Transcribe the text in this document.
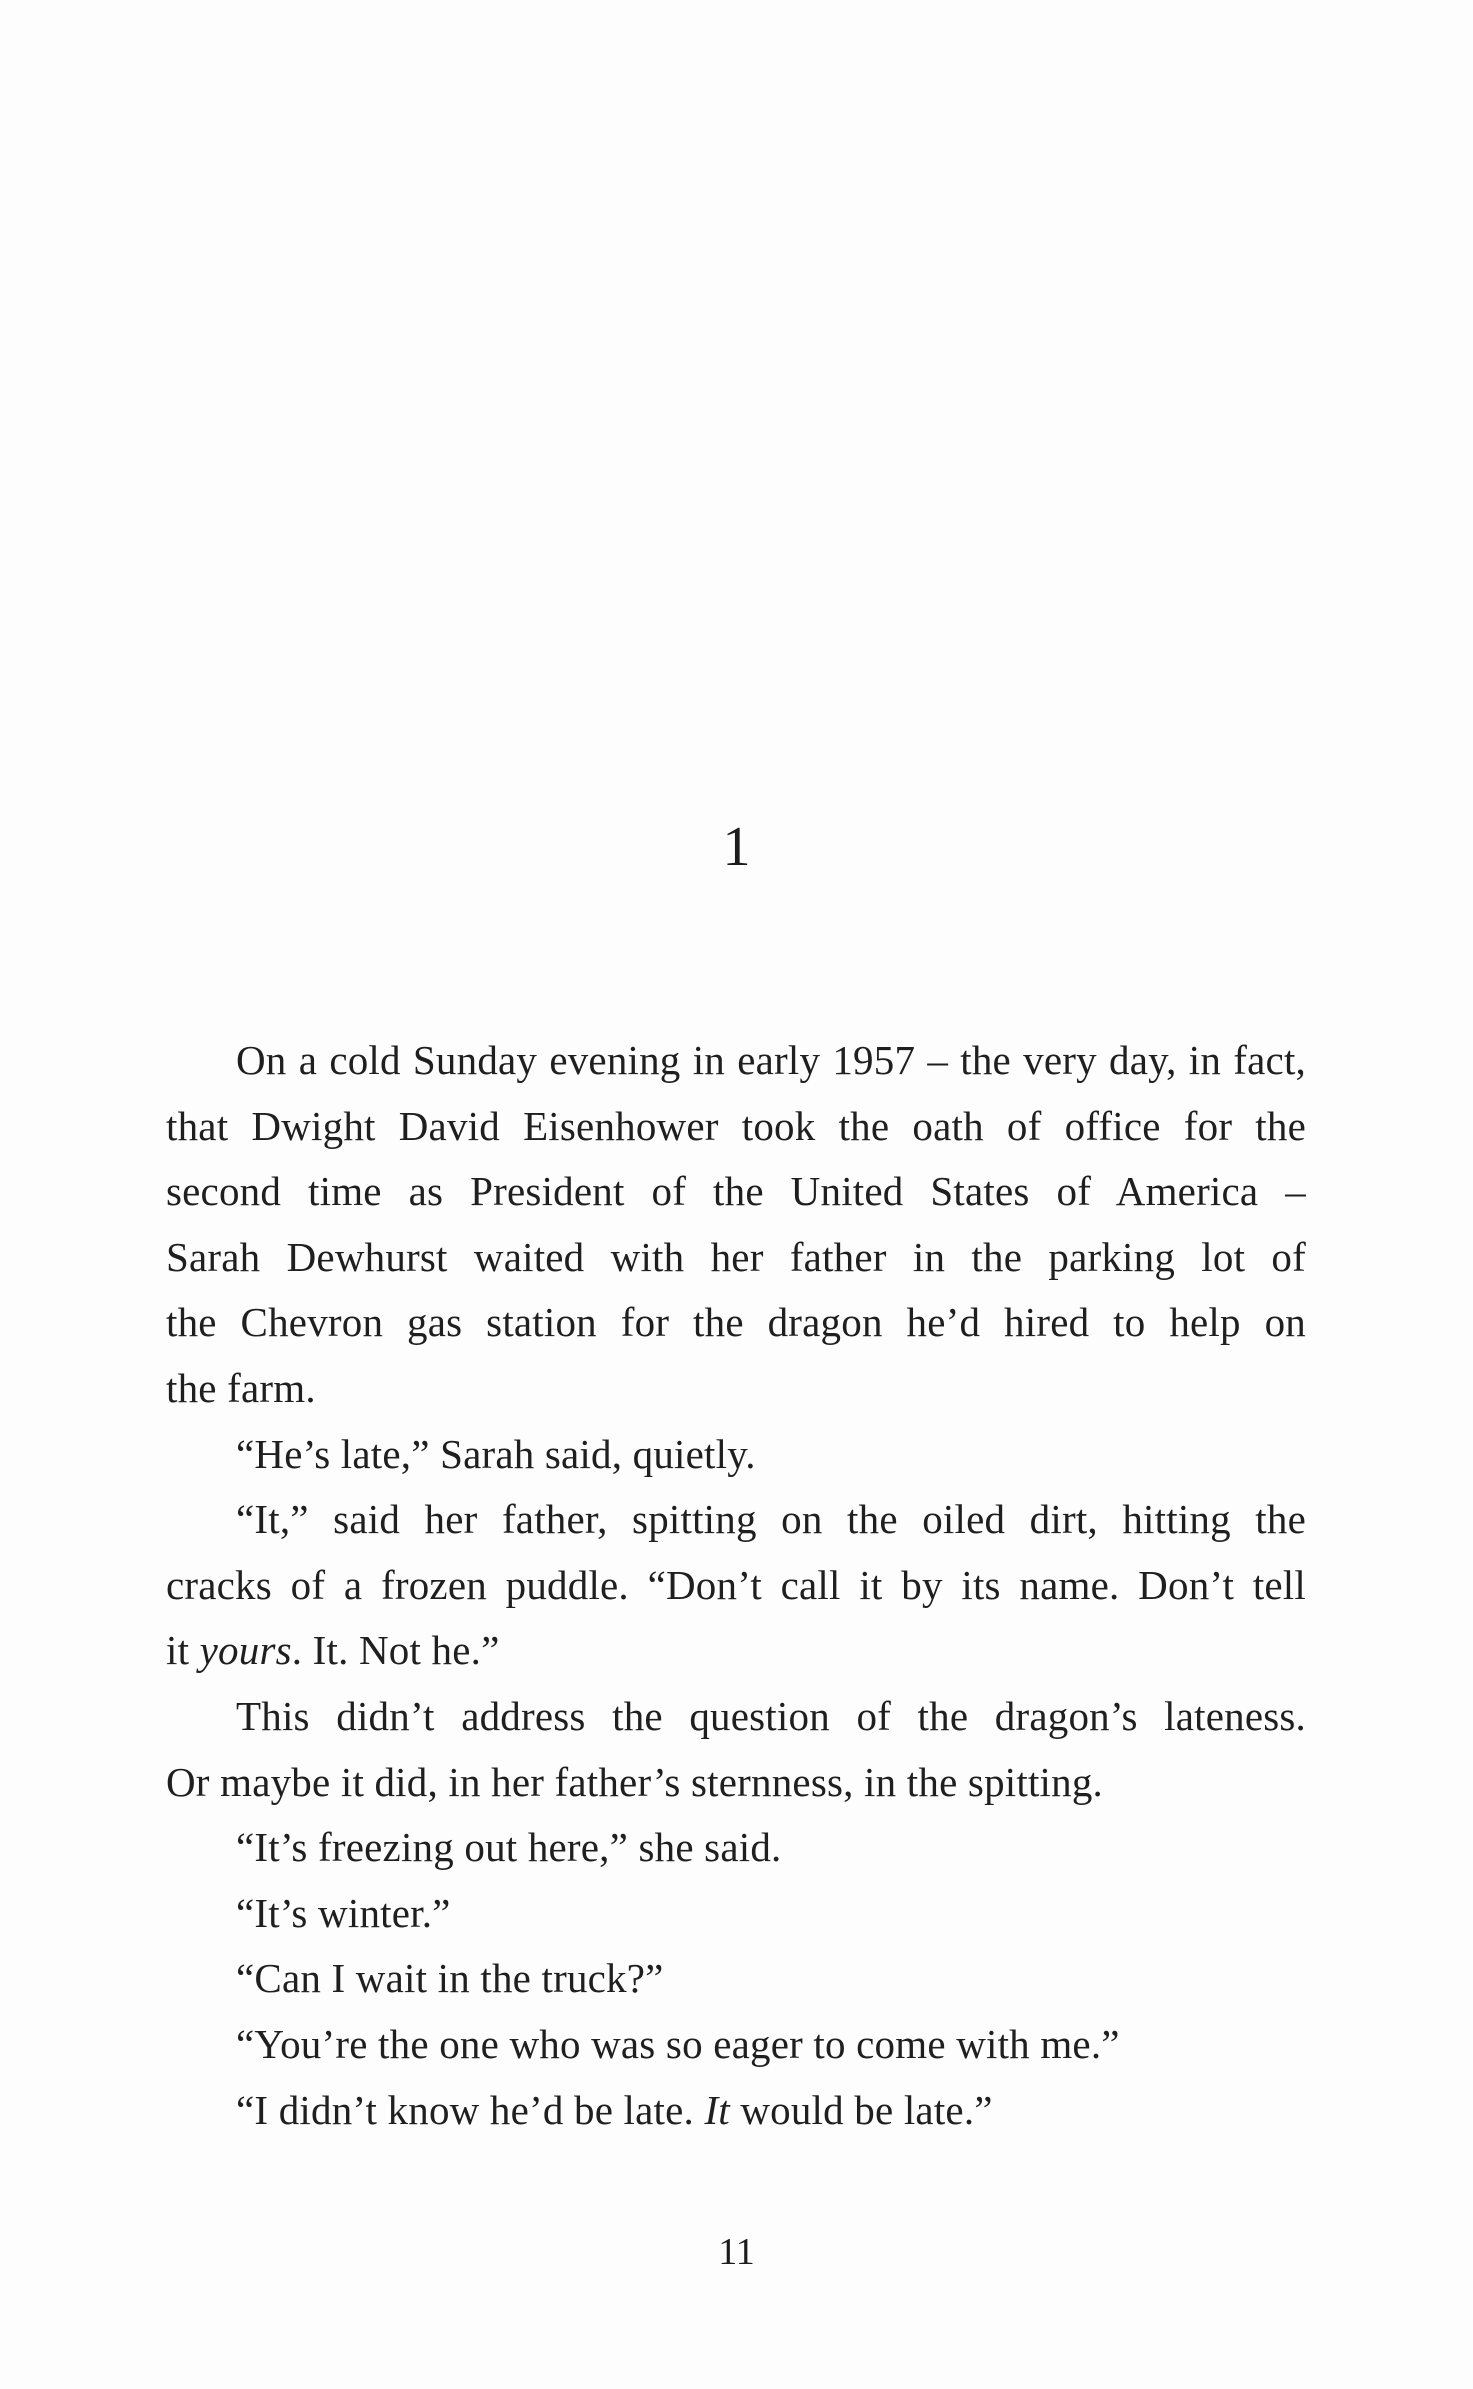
1
On a cold Sunday evening in early 1957 – the very day, in fact,
that Dwight David Eisenhower took the oath of office for the
second time as President of the United States of America –
Sarah Dewhurst waited with her father in the parking lot of
the Chevron gas station for the dragon he’d hired to help on
the farm.
“He’s late,” Sarah said, quietly.
“It,” said her father, spitting on the oiled dirt, hitting the
cracks of a frozen puddle. “Don’t call it by its name. Don’t tell
it yours. It. Not he.”
This didn’t address the question of the dragon’s lateness.
Or maybe it did, in her father’s sternness, in the spitting.
“It’s freezing out here,” she said.
“It’s winter.”
“Can I wait in the truck?”
“You’re the one who was so eager to come with me.”
“I didn’t know he’d be late. It would be late.”
11
